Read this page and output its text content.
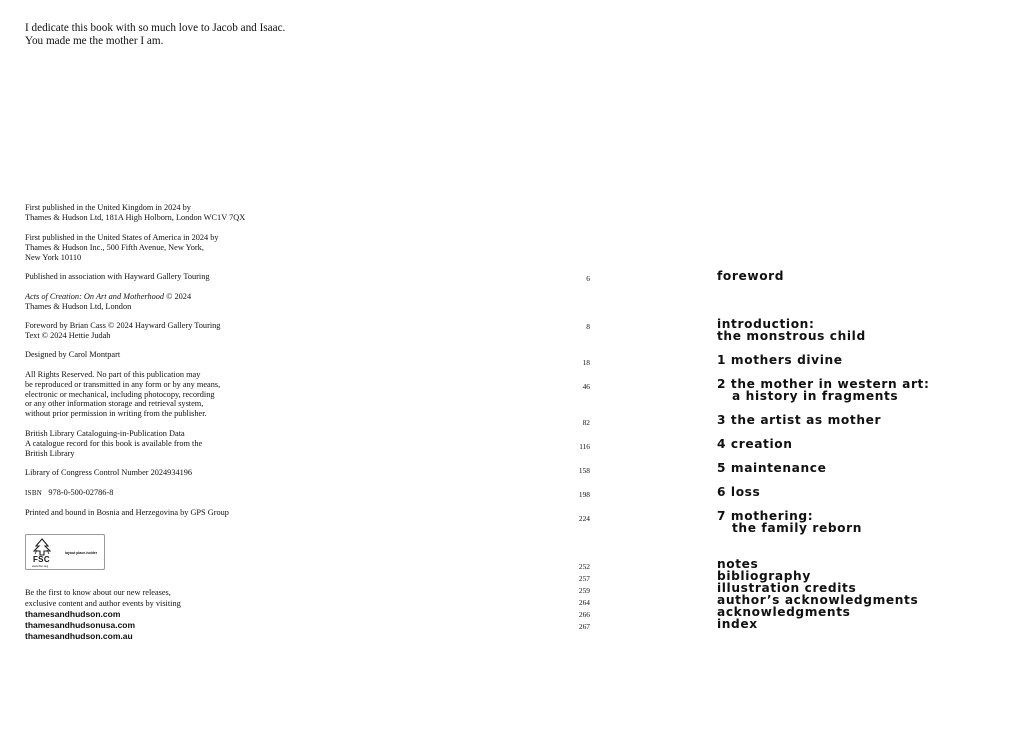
I dedicate this book with so much love to Jacob and Isaac.
You made me the mother I am.
First published in the United Kingdom in 2024 by
Thames & Hudson Ltd, 181A High Holborn, London WC1V 7QX
First published in the United States of America in 2024 by
Thames & Hudson Inc., 500 Fifth Avenue, New York,
New York 10110
Published in association with Hayward Gallery Touring
Acts of Creation: On Art and Motherhood © 2024
Thames & Hudson Ltd, London
Foreword by Brian Cass © 2024 Hayward Gallery Touring
Text © 2024 Hettie Judah
Designed by Carol Montpart
All Rights Reserved. No part of this publication may
be reproduced or transmitted in any form or by any means,
electronic or mechanical, including photocopy, recording
or any other information storage and retrieval system,
without prior permission in writing from the publisher.
British Library Cataloguing-in-Publication Data
A catalogue record for this book is available from the
British Library
Library of Congress Control Number 2024934196
ISBN 978-0-500-02786-8
Printed and bound in Bosnia and Herzegovina by GPS Group
FSC
www.fsc.org
layout place-holder
Be the first to know about our new releases,
exclusive content and author events by visiting
thamesandhudson.com
thamesandhudsonusa.com
thamesandhudson.com.au
6	foreword
8	introduction:
the monstrous child
18	1 mothers divine
46	2 the mother in western art:
a history in fragments
82	3 the artist as mother
116	4 creation
158	5 maintenance
198	6 loss
224	7 mothering:
the family reborn
252	notes
257	bibliography
259	illustration credits
264	author’s acknowledgments
266	acknowledgments
267	index
